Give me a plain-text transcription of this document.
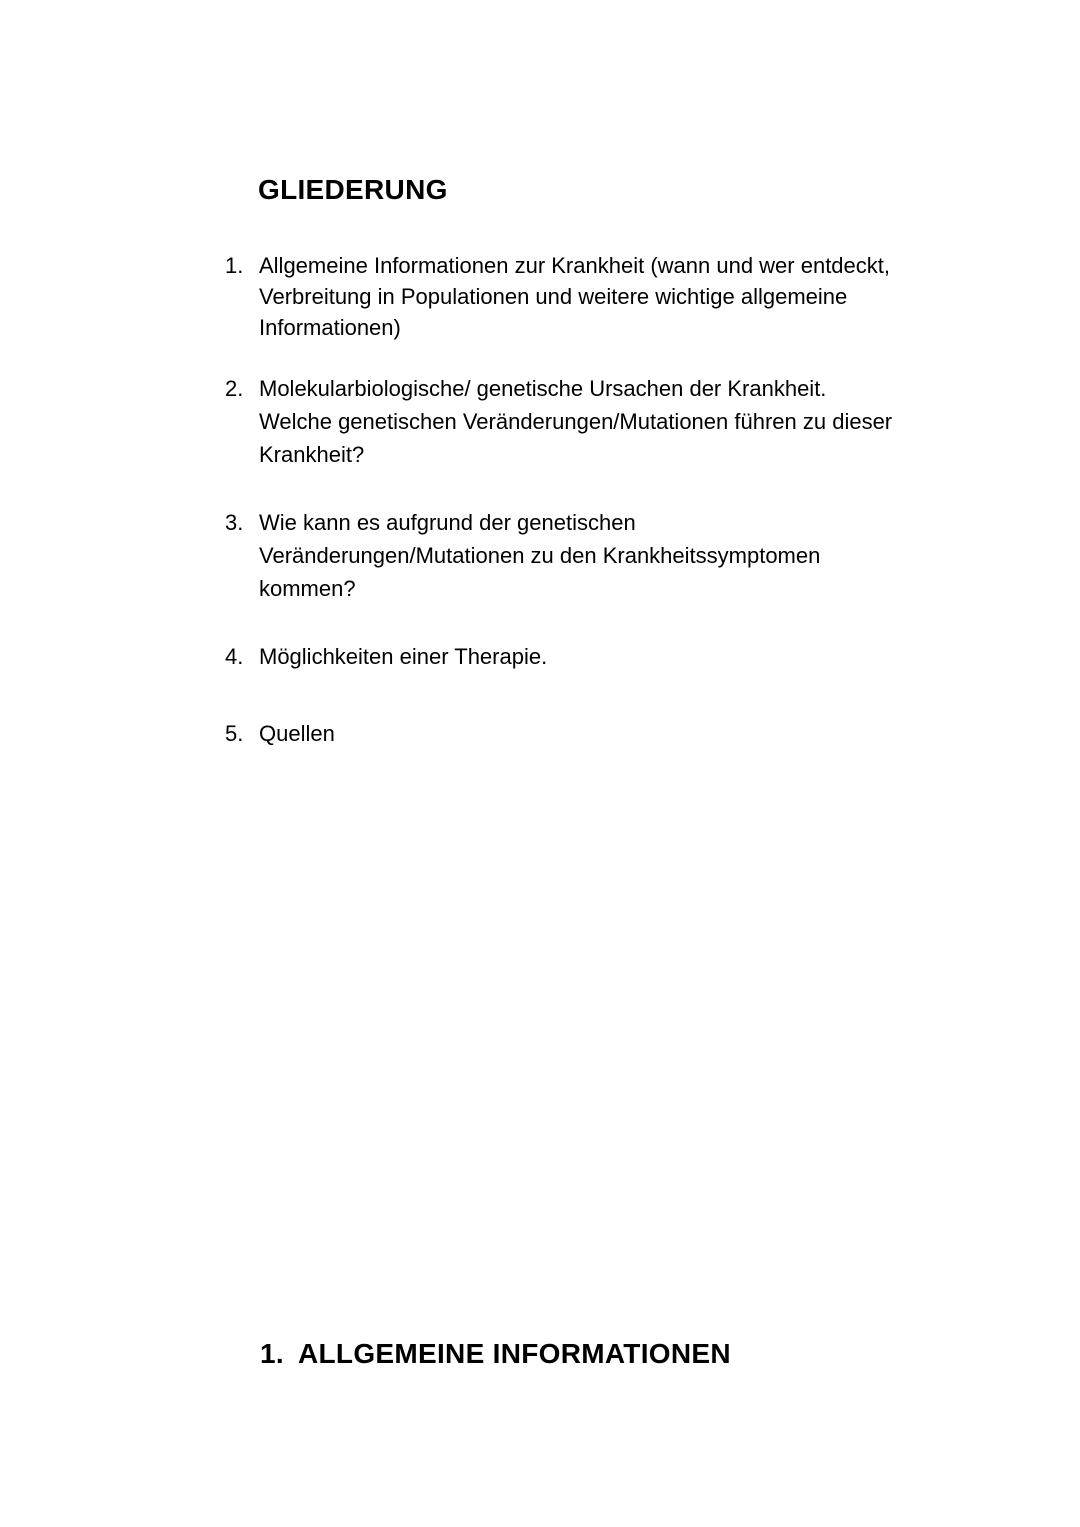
GLIEDERUNG
1. Allgemeine Informationen zur Krankheit (wann und wer entdeckt,
Verbreitung in Populationen und weitere wichtige allgemeine
Informationen)
2. Molekularbiologische/ genetische Ursachen der Krankheit.
Welche genetischen Veränderungen/Mutationen führen zu dieser
Krankheit?
3. Wie kann es aufgrund der genetischen
Veränderungen/Mutationen zu den Krankheitssymptomen
kommen?
4. Möglichkeiten einer Therapie.
5. Quellen
1. ALLGEMEINE INFORMATIONEN
